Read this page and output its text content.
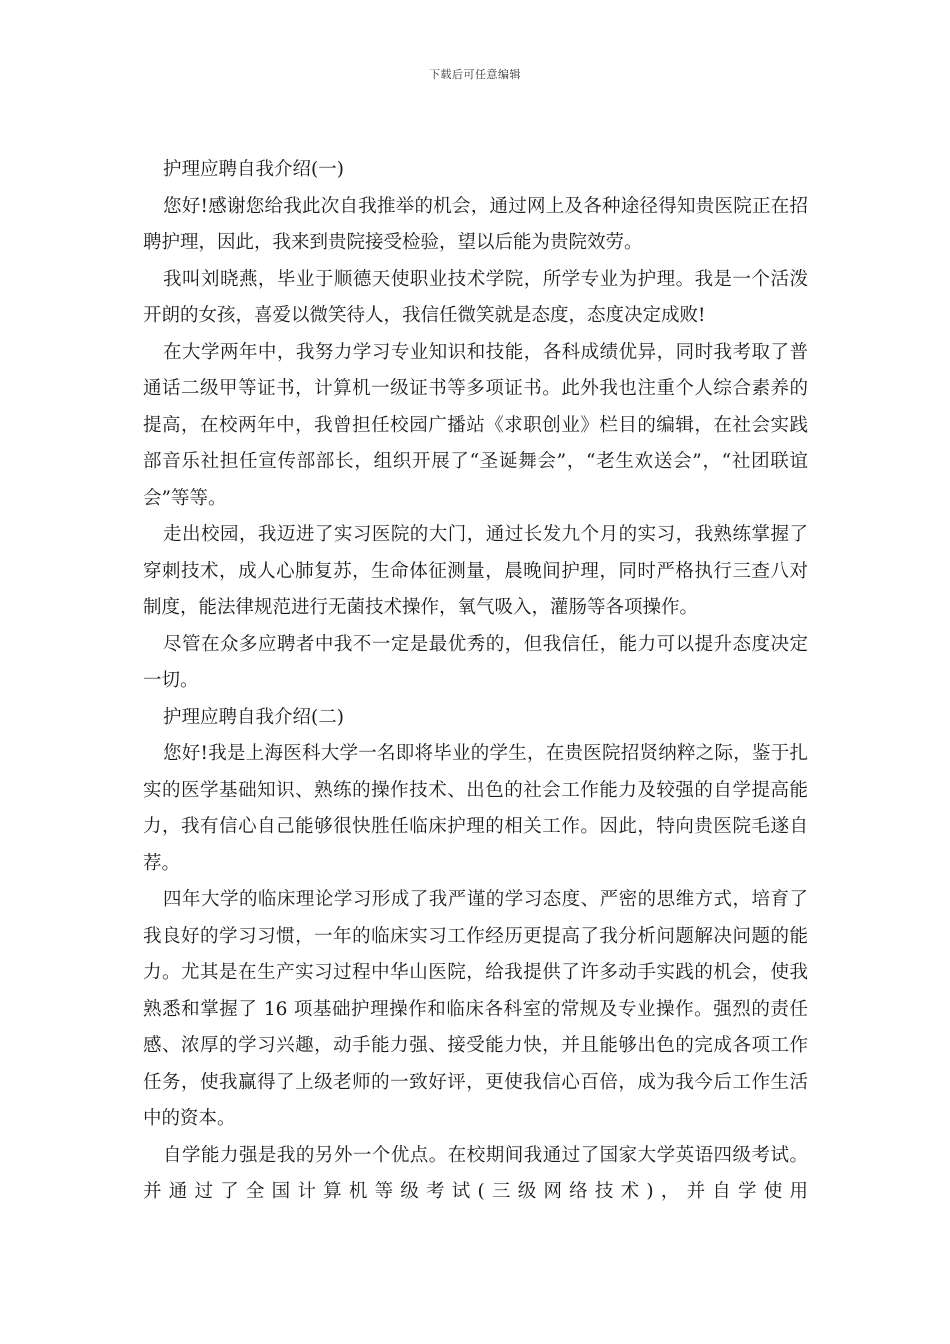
下载后可任意编辑

护理应聘自我介绍(一)

您好!感谢您给我此次自我推举的机会，通过网上及各种途径得知贵医院正在招聘护理，因此，我来到贵院接受检验，望以后能为贵院效劳。

我叫刘晓燕，毕业于顺德天使职业技术学院，所学专业为护理。我是一个活泼开朗的女孩，喜爱以微笑待人，我信任微笑就是态度，态度决定成败!

在大学两年中，我努力学习专业知识和技能，各科成绩优异，同时我考取了普通话二级甲等证书，计算机一级证书等多项证书。此外我也注重个人综合素养的提高，在校两年中，我曾担任校园广播站《求职创业》栏目的编辑，在社会实践部音乐社担任宣传部部长，组织开展了“圣诞舞会”，“老生欢送会”，“社团联谊会”等等。

走出校园，我迈进了实习医院的大门，通过长发九个月的实习，我熟练掌握了穿刺技术，成人心肺复苏，生命体征测量，晨晚间护理，同时严格执行三查八对制度，能法律规范进行无菌技术操作，氧气吸入，灌肠等各项操作。

尽管在众多应聘者中我不一定是最优秀的，但我信任，能力可以提升态度决定一切。

护理应聘自我介绍(二)

您好!我是上海医科大学一名即将毕业的学生，在贵医院招贤纳粹之际，鉴于扎实的医学基础知识、熟练的操作技术、出色的社会工作能力及较强的自学提高能力，我有信心自己能够很快胜任临床护理的相关工作。因此，特向贵医院毛遂自荐。

四年大学的临床理论学习形成了我严谨的学习态度、严密的思维方式，培育了我良好的学习习惯，一年的临床实习工作经历更提高了我分析问题解决问题的能力。尤其是在生产实习过程中华山医院，给我提供了许多动手实践的机会，使我熟悉和掌握了 16 项基础护理操作和临床各科室的常规及专业操作。强烈的责任感、浓厚的学习兴趣，动手能力强、接受能力快，并且能够出色的完成各项工作任务，使我赢得了上级老师的一致好评，更使我信心百倍，成为我今后工作生活中的资本。

自学能力强是我的另外一个优点。在校期间我通过了国家大学英语四级考试。并通过了全国计算机等级考试(三级网络技术)，并自学使用
